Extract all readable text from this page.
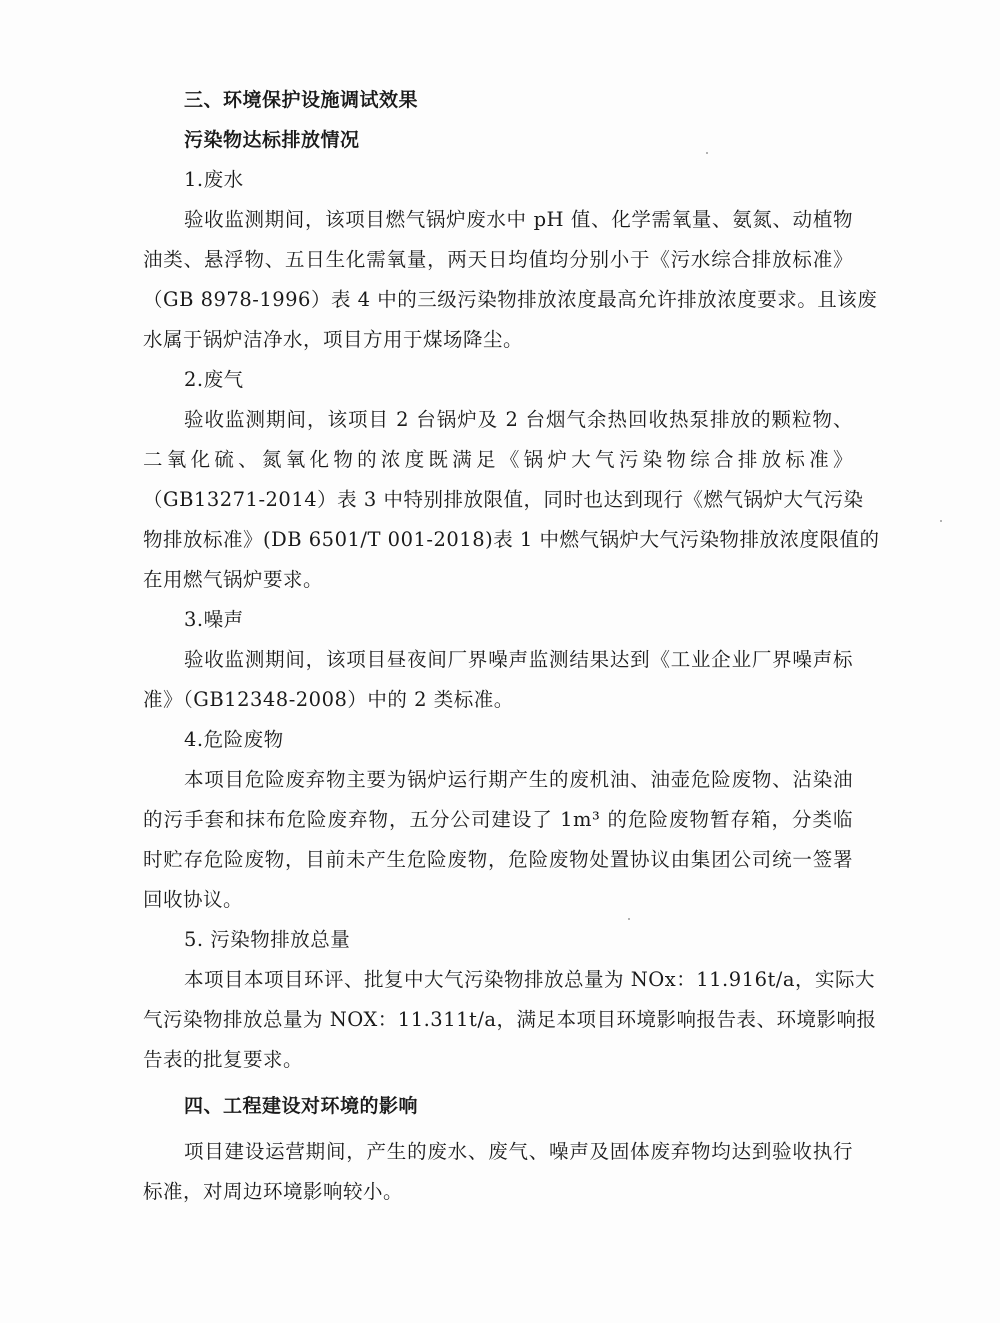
三、环境保护设施调试效果
污染物达标排放情况
1.废水
验收监测期间，该项目燃气锅炉废水中 pH 值、化学需氧量、氨氮、动植物
油类、悬浮物、五日生化需氧量，两天日均值均分别小于《污水综合排放标准》
（GB 8978-1996）表 4 中的三级污染物排放浓度最高允许排放浓度要求。且该废
水属于锅炉洁净水，项目方用于煤场降尘。
2.废气
验收监测期间，该项目 2 台锅炉及 2 台烟气余热回收热泵排放的颗粒物、
二氧化硫、氮氧化物的浓度既满足《锅炉大气污染物综合排放标准》
（GB13271-2014）表 3 中特别排放限值，同时也达到现行《燃气锅炉大气污染
物排放标准》(DB 6501/T 001-2018)表 1 中燃气锅炉大气污染物排放浓度限值的
在用燃气锅炉要求。
3.噪声
验收监测期间，该项目昼夜间厂界噪声监测结果达到《工业企业厂界噪声标
准》（GB12348-2008）中的 2 类标准。
4.危险废物
本项目危险废弃物主要为锅炉运行期产生的废机油、油壶危险废物、沾染油
的污手套和抹布危险废弃物，五分公司建设了 1m³ 的危险废物暂存箱，分类临
时贮存危险废物，目前未产生危险废物，危险废物处置协议由集团公司统一签署
回收协议。
5. 污染物排放总量
本项目本项目环评、批复中大气污染物排放总量为 NOx：11.916t/a，实际大
气污染物排放总量为 NOX：11.311t/a，满足本项目环境影响报告表、环境影响报
告表的批复要求。
四、工程建设对环境的影响
项目建设运营期间，产生的废水、废气、噪声及固体废弃物均达到验收执行
标准，对周边环境影响较小。
